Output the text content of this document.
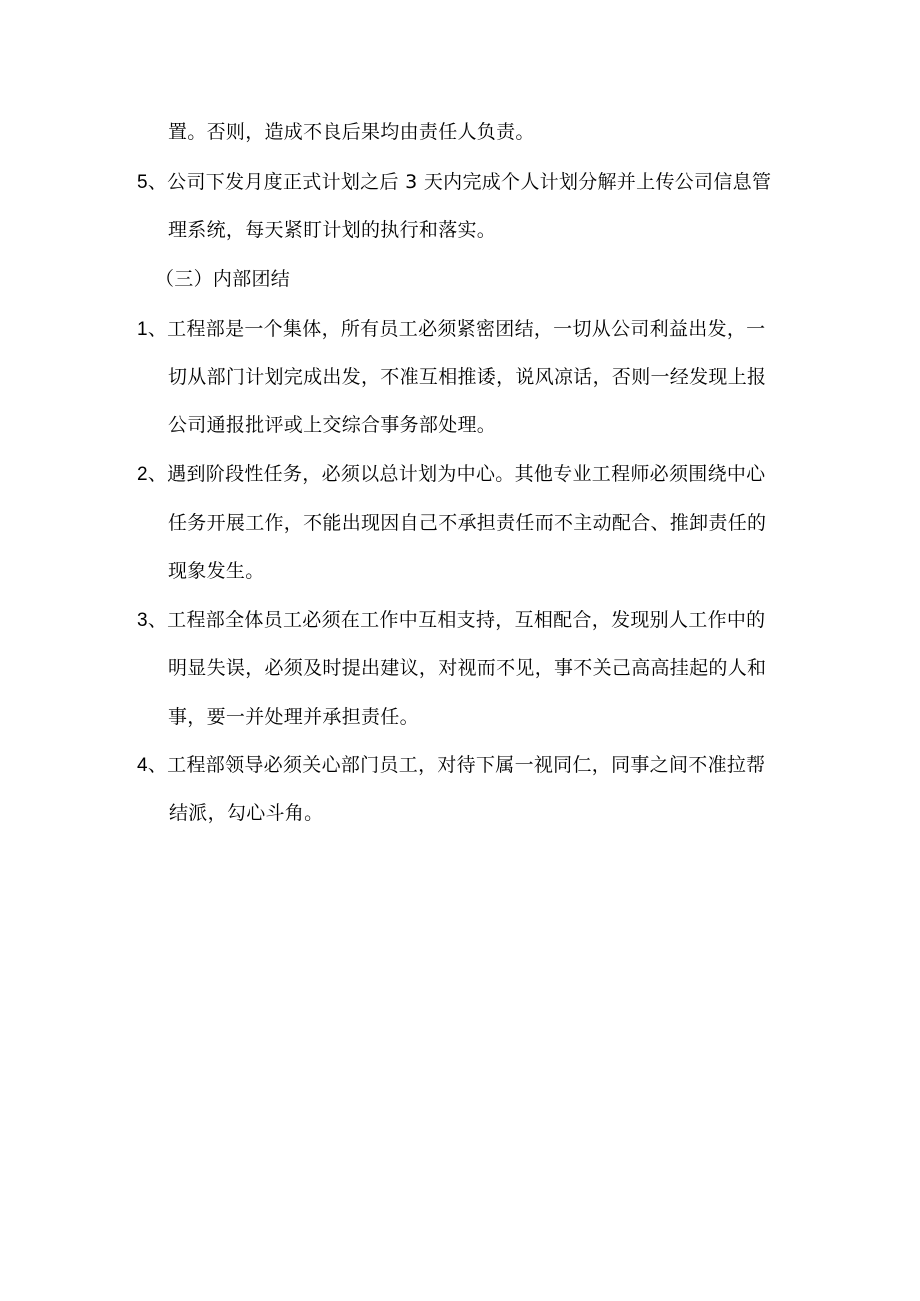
置。否则，造成不良后果均由责任人负责。
5、公司下发月度正式计划之后 3 天内完成个人计划分解并上传公司信息管
理系统，每天紧盯计划的执行和落实。
（三）内部团结
1、工程部是一个集体，所有员工必须紧密团结，一切从公司利益出发，一
切从部门计划完成出发，不准互相推诿，说风凉话，否则一经发现上报
公司通报批评或上交综合事务部处理。
2、遇到阶段性任务，必须以总计划为中心。其他专业工程师必须围绕中心
任务开展工作，不能出现因自己不承担责任而不主动配合、推卸责任的
现象发生。
3、工程部全体员工必须在工作中互相支持，互相配合，发现别人工作中的
明显失误，必须及时提出建议，对视而不见，事不关己高高挂起的人和
事，要一并处理并承担责任。
4、工程部领导必须关心部门员工，对待下属一视同仁，同事之间不准拉帮
结派，勾心斗角。
